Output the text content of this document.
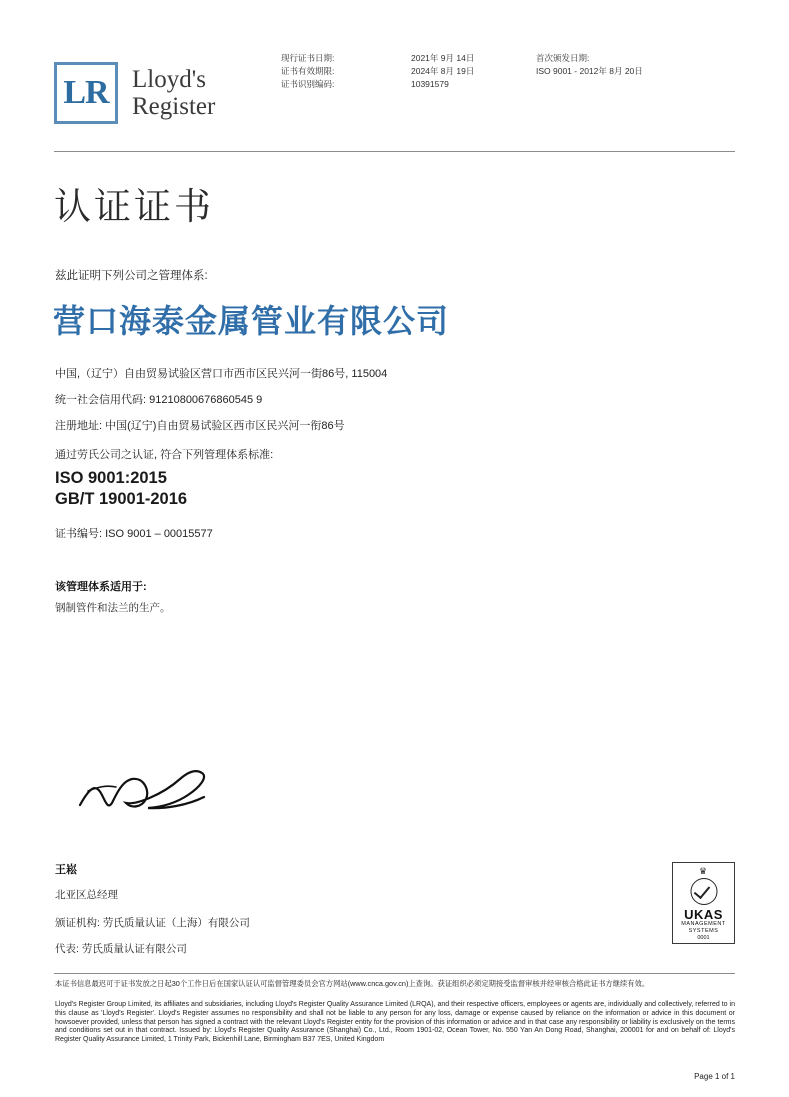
LR Lloyd's
Register
现行证书日期:
证书有效期限:
证书识别编码:
2021年 9月 14日
2024年 8月 19日
10391579
首次颁发日期:
ISO 9001 - 2012年 8月 20日
认证证书
兹此证明下列公司之管理体系:
营口海泰金属管业有限公司
中国,（辽宁）自由贸易试验区营口市西市区民兴河一街86号, 115004
统一社会信用代码: 91210800676860545 9
注册地址: 中国(辽宁)自由贸易试验区西市区民兴河一衔86号
通过劳氏公司之认证, 符合下列管理体系标准:
ISO 9001:2015
GB/T 19001-2016
证书编号: ISO 9001 – 00015577
该管理体系适用于:
钢制管件和法兰的生产。
王崧
北亚区总经理
颁证机构: 劳氏质量认证（上海）有限公司
代表: 劳氏质量认证有限公司
♛
UKAS
MANAGEMENT
SYSTEMS
0001
本证书信息最迟可于证书发放之日起30个工作日后在国家认证认可监督管理委员会官方网站(www.cnca.gov.cn)上查询。获证组织必须定期接受监督审核并经审核合格此证书方继续有效。
Lloyd's Register Group Limited, its affiliates and subsidiaries, including Lloyd's Register Quality Assurance Limited (LRQA), and their respective officers, employees or agents are, individually and collectively, referred to in this clause as 'Lloyd's Register'. Lloyd's Register assumes no responsibility and shall not be liable to any person for any loss, damage or expense caused by reliance on the information or advice in this document or howsoever provided, unless that person has signed a contract with the relevant Lloyd's Register entity for the provision of this information or advice and in that case any responsibility or liability is exclusively on the terms and conditions set out in that contract. Issued by: Lloyd's Register Quality Assurance (Shanghai) Co., Ltd., Room 1901-02, Ocean Tower, No. 550 Yan An Dong Road, Shanghai, 200001 for and on behalf of: Lloyd's Register Quality Assurance Limited, 1 Trinity Park, Bickenhill Lane, Birmingham B37 7ES, United Kingdom
Page 1 of 1
